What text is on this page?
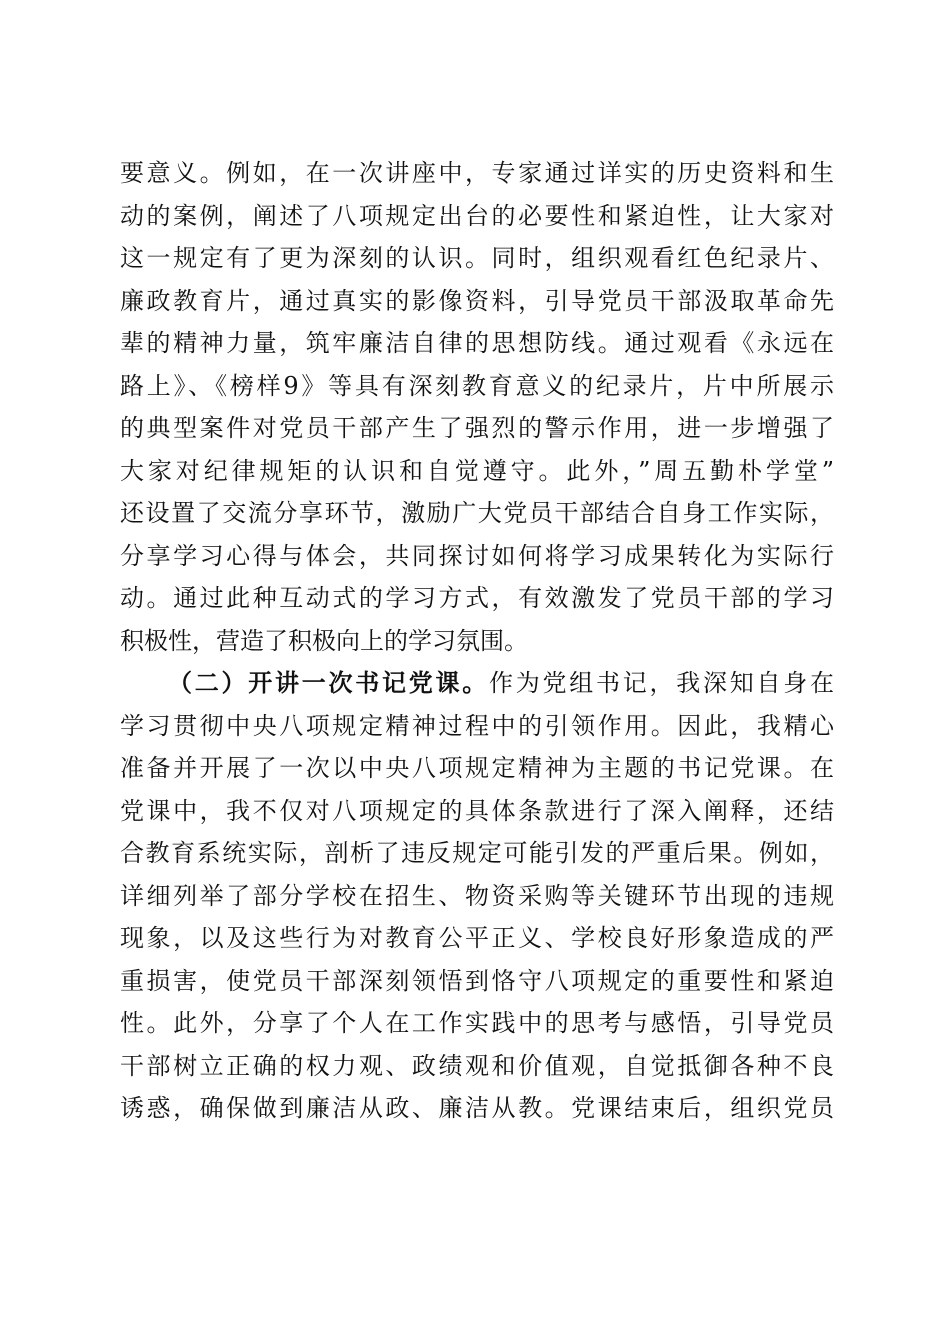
要意义。例如，在一次讲座中，专家通过详实的历史资料和生
动的案例，阐述了八项规定出台的必要性和紧迫性，让大家对
这一规定有了更为深刻的认识。同时，组织观看红色纪录片、
廉政教育片，通过真实的影像资料，引导党员干部汲取革命先
辈的精神力量，筑牢廉洁自律的思想防线。通过观看《永远在
路上》、《榜样9》等具有深刻教育意义的纪录片，片中所展示
的典型案件对党员干部产生了强烈的警示作用，进一步增强了
大家对纪律规矩的认识和自觉遵守。此外，”周五勤朴学堂”
还设置了交流分享环节，激励广大党员干部结合自身工作实际，
分享学习心得与体会，共同探讨如何将学习成果转化为实际行
动。通过此种互动式的学习方式，有效激发了党员干部的学习
积极性，营造了积极向上的学习氛围。
（二）开讲一次书记党课。作为党组书记，我深知自身在
学习贯彻中央八项规定精神过程中的引领作用。因此，我精心
准备并开展了一次以中央八项规定精神为主题的书记党课。在
党课中，我不仅对八项规定的具体条款进行了深入阐释，还结
合教育系统实际，剖析了违反规定可能引发的严重后果。例如，
详细列举了部分学校在招生、物资采购等关键环节出现的违规
现象，以及这些行为对教育公平正义、学校良好形象造成的严
重损害，使党员干部深刻领悟到恪守八项规定的重要性和紧迫
性。此外，分享了个人在工作实践中的思考与感悟，引导党员
干部树立正确的权力观、政绩观和价值观，自觉抵御各种不良
诱惑，确保做到廉洁从政、廉洁从教。党课结束后，组织党员
